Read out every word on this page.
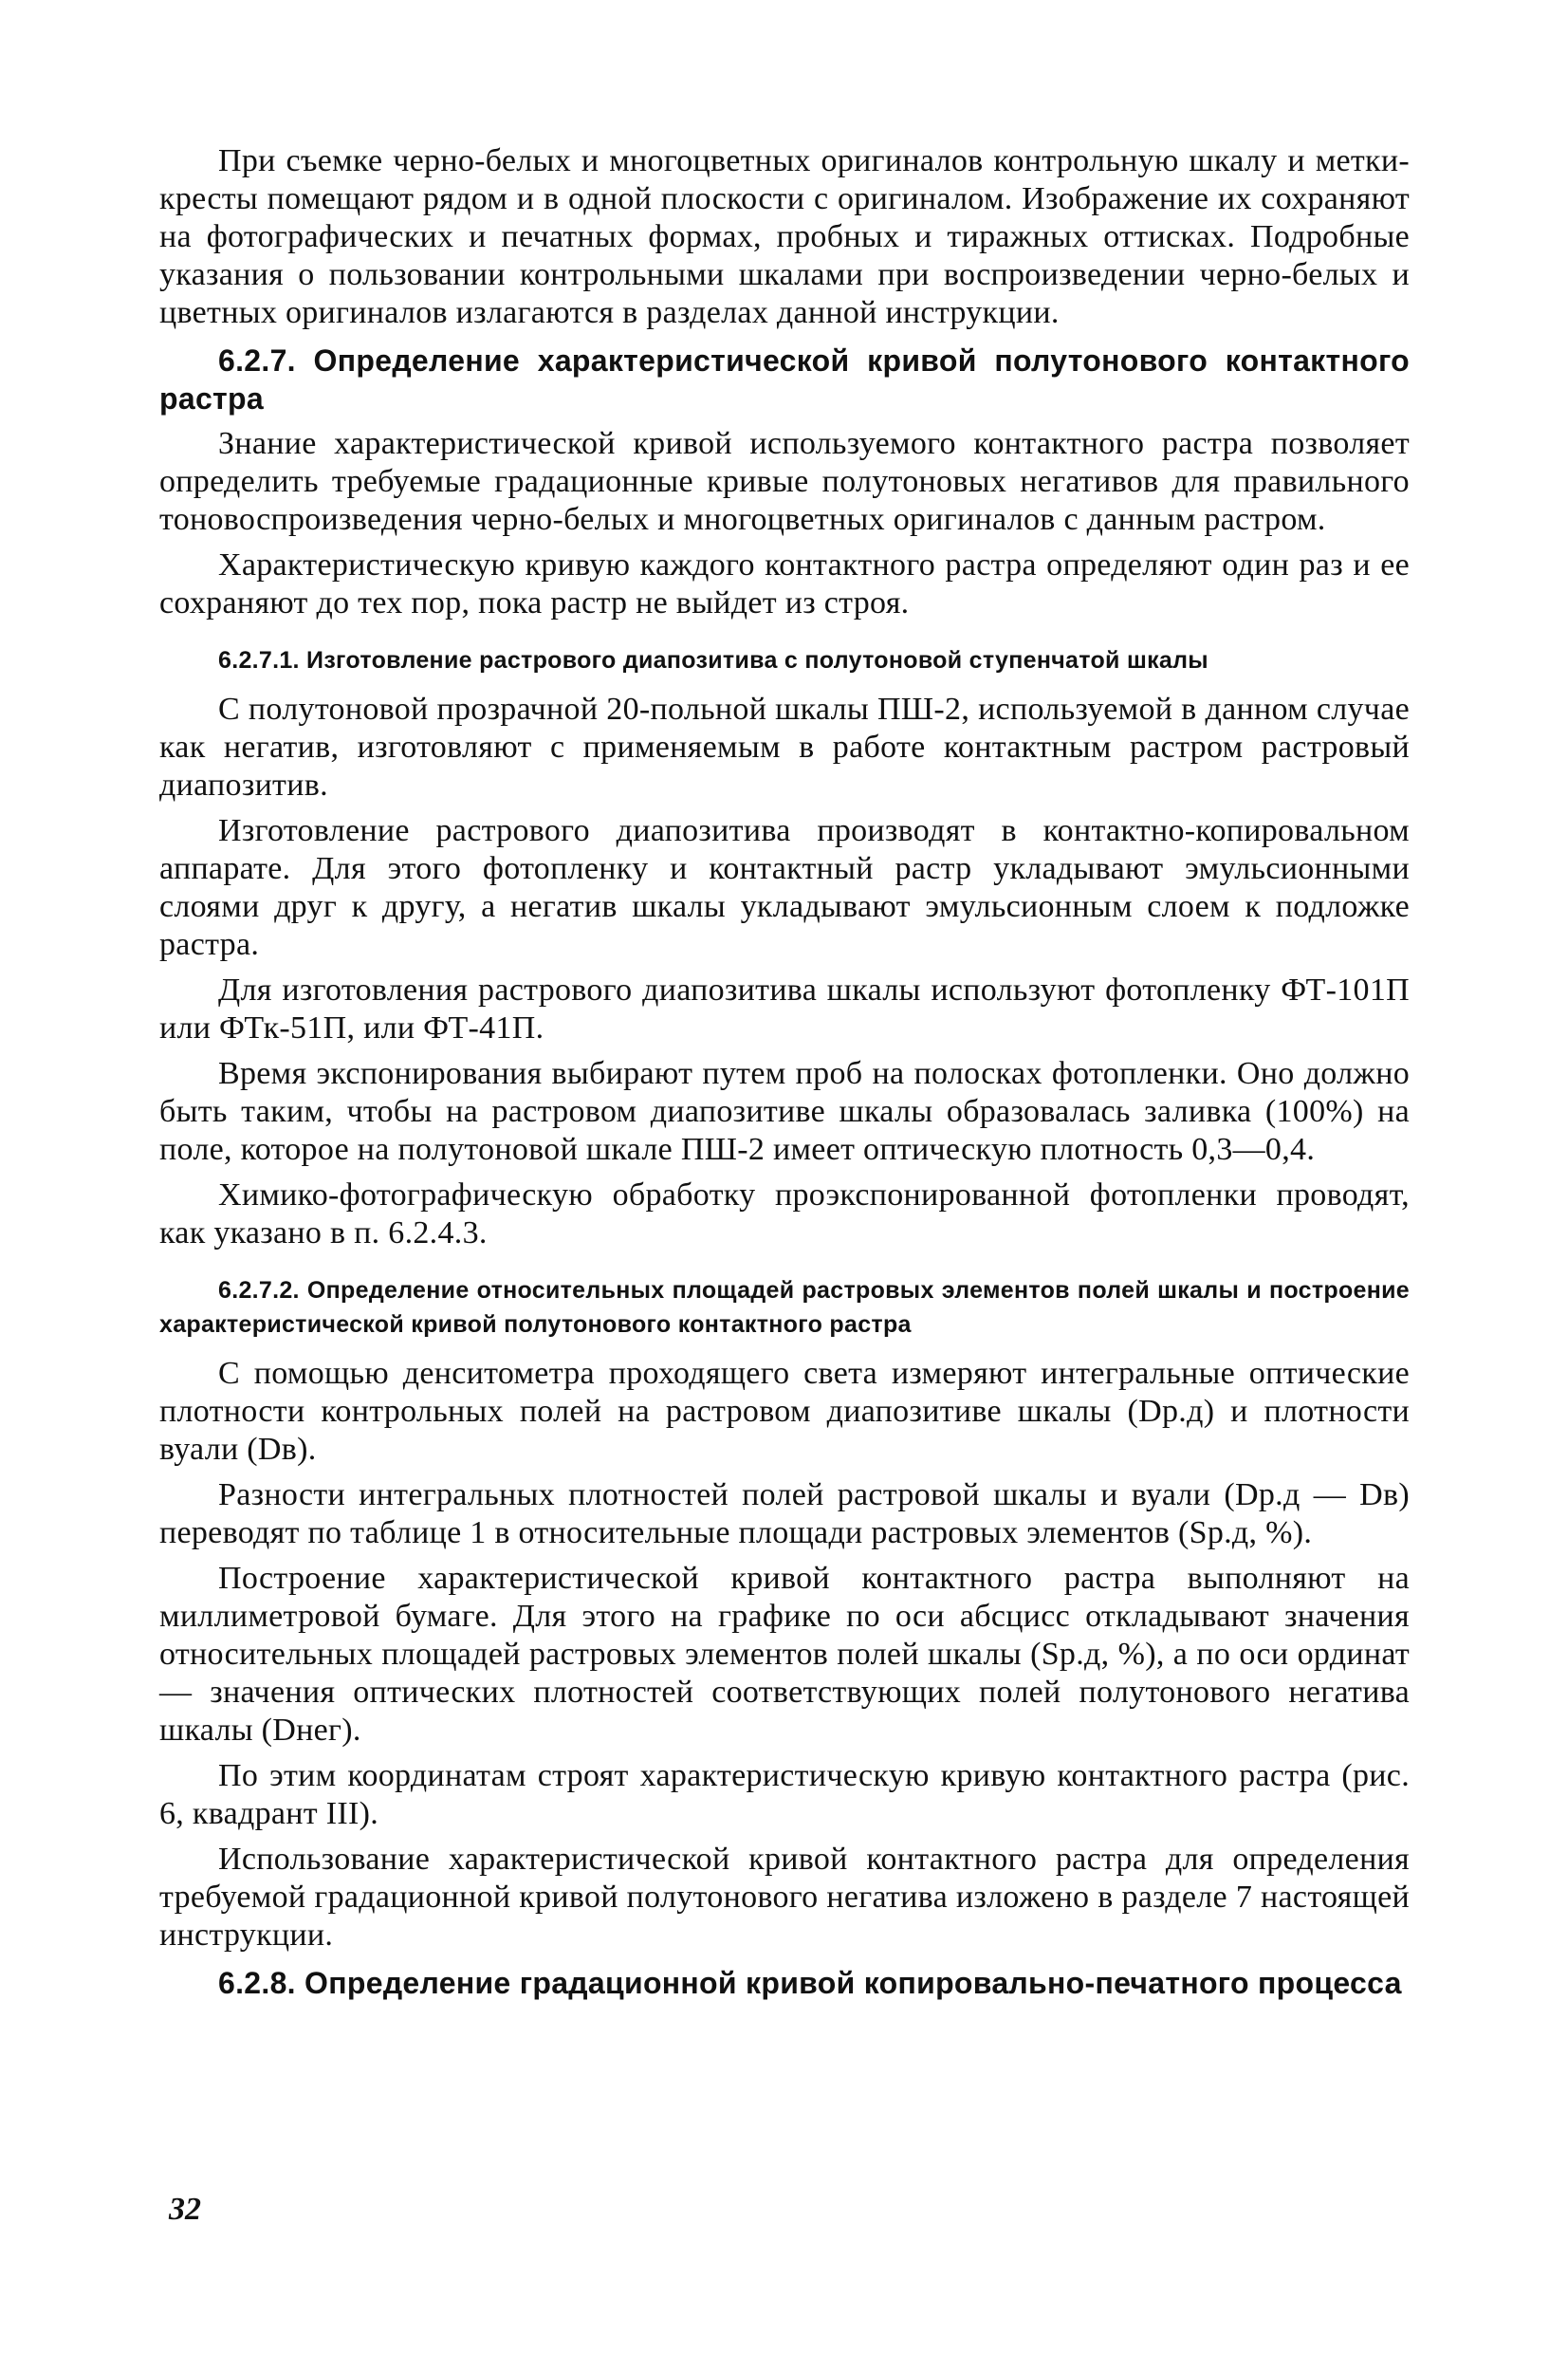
При съемке черно-белых и многоцветных оригиналов контрольную шкалу и метки-кресты помещают рядом и в одной плоскости с оригиналом. Изображение их сохраняют на фотографических и печатных формах, пробных и тиражных оттисках. Подробные указания о пользовании контрольными шкалами при воспроизведении черно-белых и цветных оригиналов излагаются в разделах данной инструкции.

6.2.7. Определение характеристической кривой полутонового контактного растра

Знание характеристической кривой используемого контактного растра позволяет определить требуемые градационные кривые полутоновых негативов для правильного тоновоспроизведения черно-белых и многоцветных оригиналов с данным растром.

Характеристическую кривую каждого контактного растра определяют один раз и ее сохраняют до тех пор, пока растр не выйдет из строя.

6.2.7.1. Изготовление растрового диапозитива с полутоновой ступенчатой шкалы

С полутоновой прозрачной 20-польной шкалы ПШ-2, используемой в данном случае как негатив, изготовляют с применяемым в работе контактным растром растровый диапозитив.

Изготовление растрового диапозитива производят в контактно-копировальном аппарате. Для этого фотопленку и контактный растр укладывают эмульсионными слоями друг к другу, а негатив шкалы укладывают эмульсионным слоем к подложке растра.

Для изготовления растрового диапозитива шкалы используют фотопленку ФТ-101П или ФТк-51П, или ФТ-41П.

Время экспонирования выбирают путем проб на полосках фотопленки. Оно должно быть таким, чтобы на растровом диапозитиве шкалы образовалась заливка (100%) на поле, которое на полутоновой шкале ПШ-2 имеет оптическую плотность 0,3—0,4.

Химико-фотографическую обработку проэкспонированной фотопленки проводят, как указано в п. 6.2.4.3.

6.2.7.2. Определение относительных площадей растровых элементов полей шкалы и построение характеристической кривой полутонового контактного растра

С помощью денситометра проходящего света измеряют интегральные оптические плотности контрольных полей на растровом диапозитиве шкалы (Dр.д) и плотности вуали (Dв).

Разности интегральных плотностей полей растровой шкалы и вуали (Dр.д — Dв) переводят по таблице 1 в относительные площади растровых элементов (Sр.д, %).

Построение характеристической кривой контактного растра выполняют на миллиметровой бумаге. Для этого на графике по оси абсцисс откладывают значения относительных площадей растровых элементов полей шкалы (Sр.д, %), а по оси ординат — значения оптических плотностей соответствующих полей полутонового негатива шкалы (Dнег).

По этим координатам строят характеристическую кривую контактного растра (рис. 6, квадрант III).

Использование характеристической кривой контактного растра для определения требуемой градационной кривой полутонового негатива изложено в разделе 7 настоящей инструкции.

6.2.8. Определение градационной кривой копировально-печатного процесса

32
